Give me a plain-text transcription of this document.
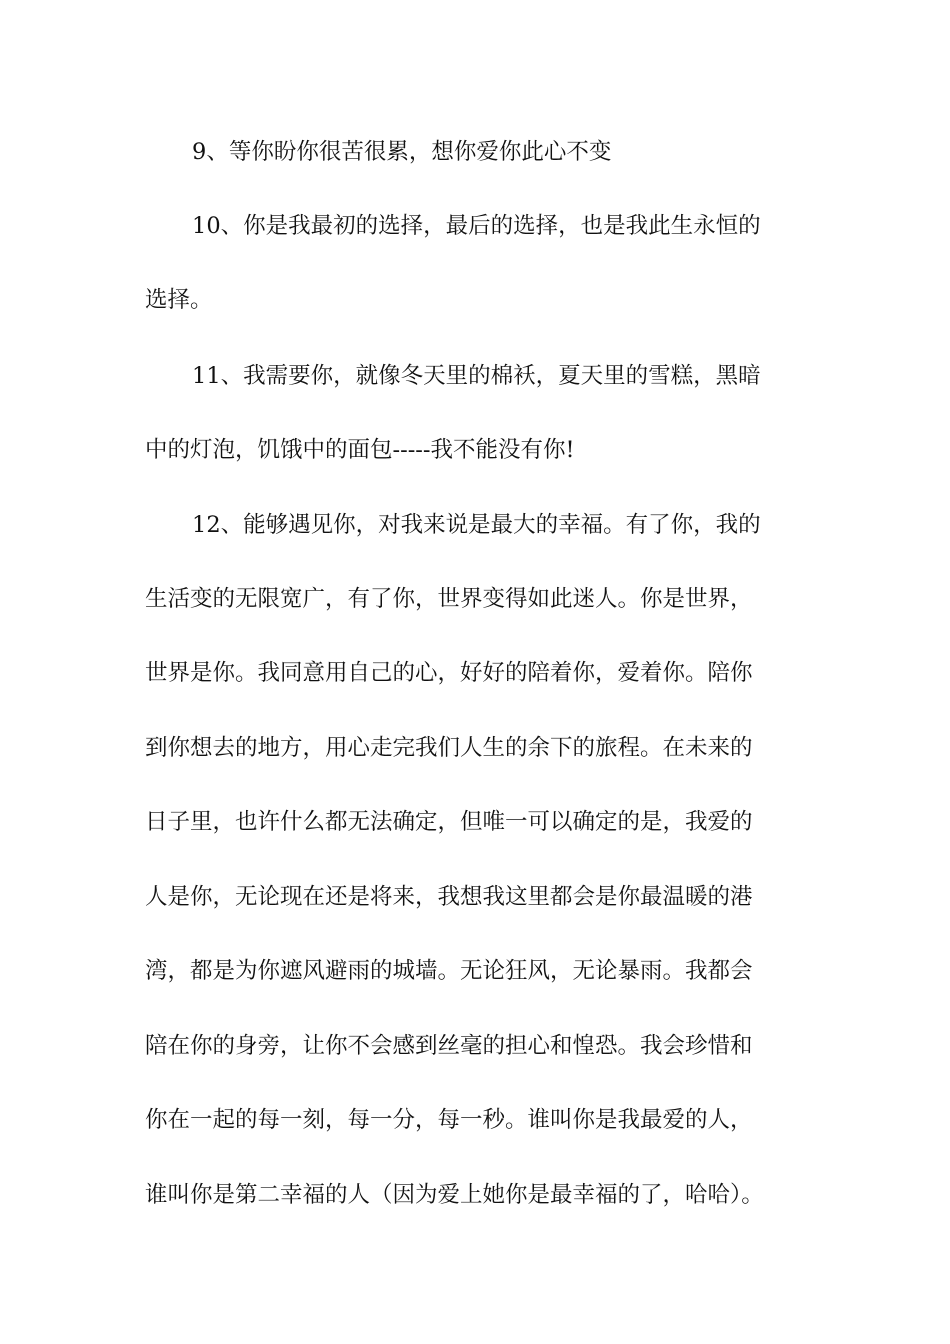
9、等你盼你很苦很累，想你爱你此心不变
10、你是我最初的选择，最后的选择，也是我此生永恒的
选择。
11、我需要你，就像冬天里的棉袄，夏天里的雪糕，黑暗
中的灯泡，饥饿中的面包-----我不能没有你!
12、能够遇见你，对我来说是最大的幸福。有了你，我的
生活变的无限宽广，有了你，世界变得如此迷人。你是世界，
世界是你。我同意用自己的心，好好的陪着你，爱着你。陪你
到你想去的地方，用心走完我们人生的余下的旅程。在未来的
日子里，也许什么都无法确定，但唯一可以确定的是，我爱的
人是你，无论现在还是将来，我想我这里都会是你最温暖的港
湾，都是为你遮风避雨的城墙。无论狂风，无论暴雨。我都会
陪在你的身旁，让你不会感到丝毫的担心和惶恐。我会珍惜和
你在一起的每一刻，每一分，每一秒。谁叫你是我最爱的人，
谁叫你是第二幸福的人（因为爱上她你是最幸福的了，哈哈）。
